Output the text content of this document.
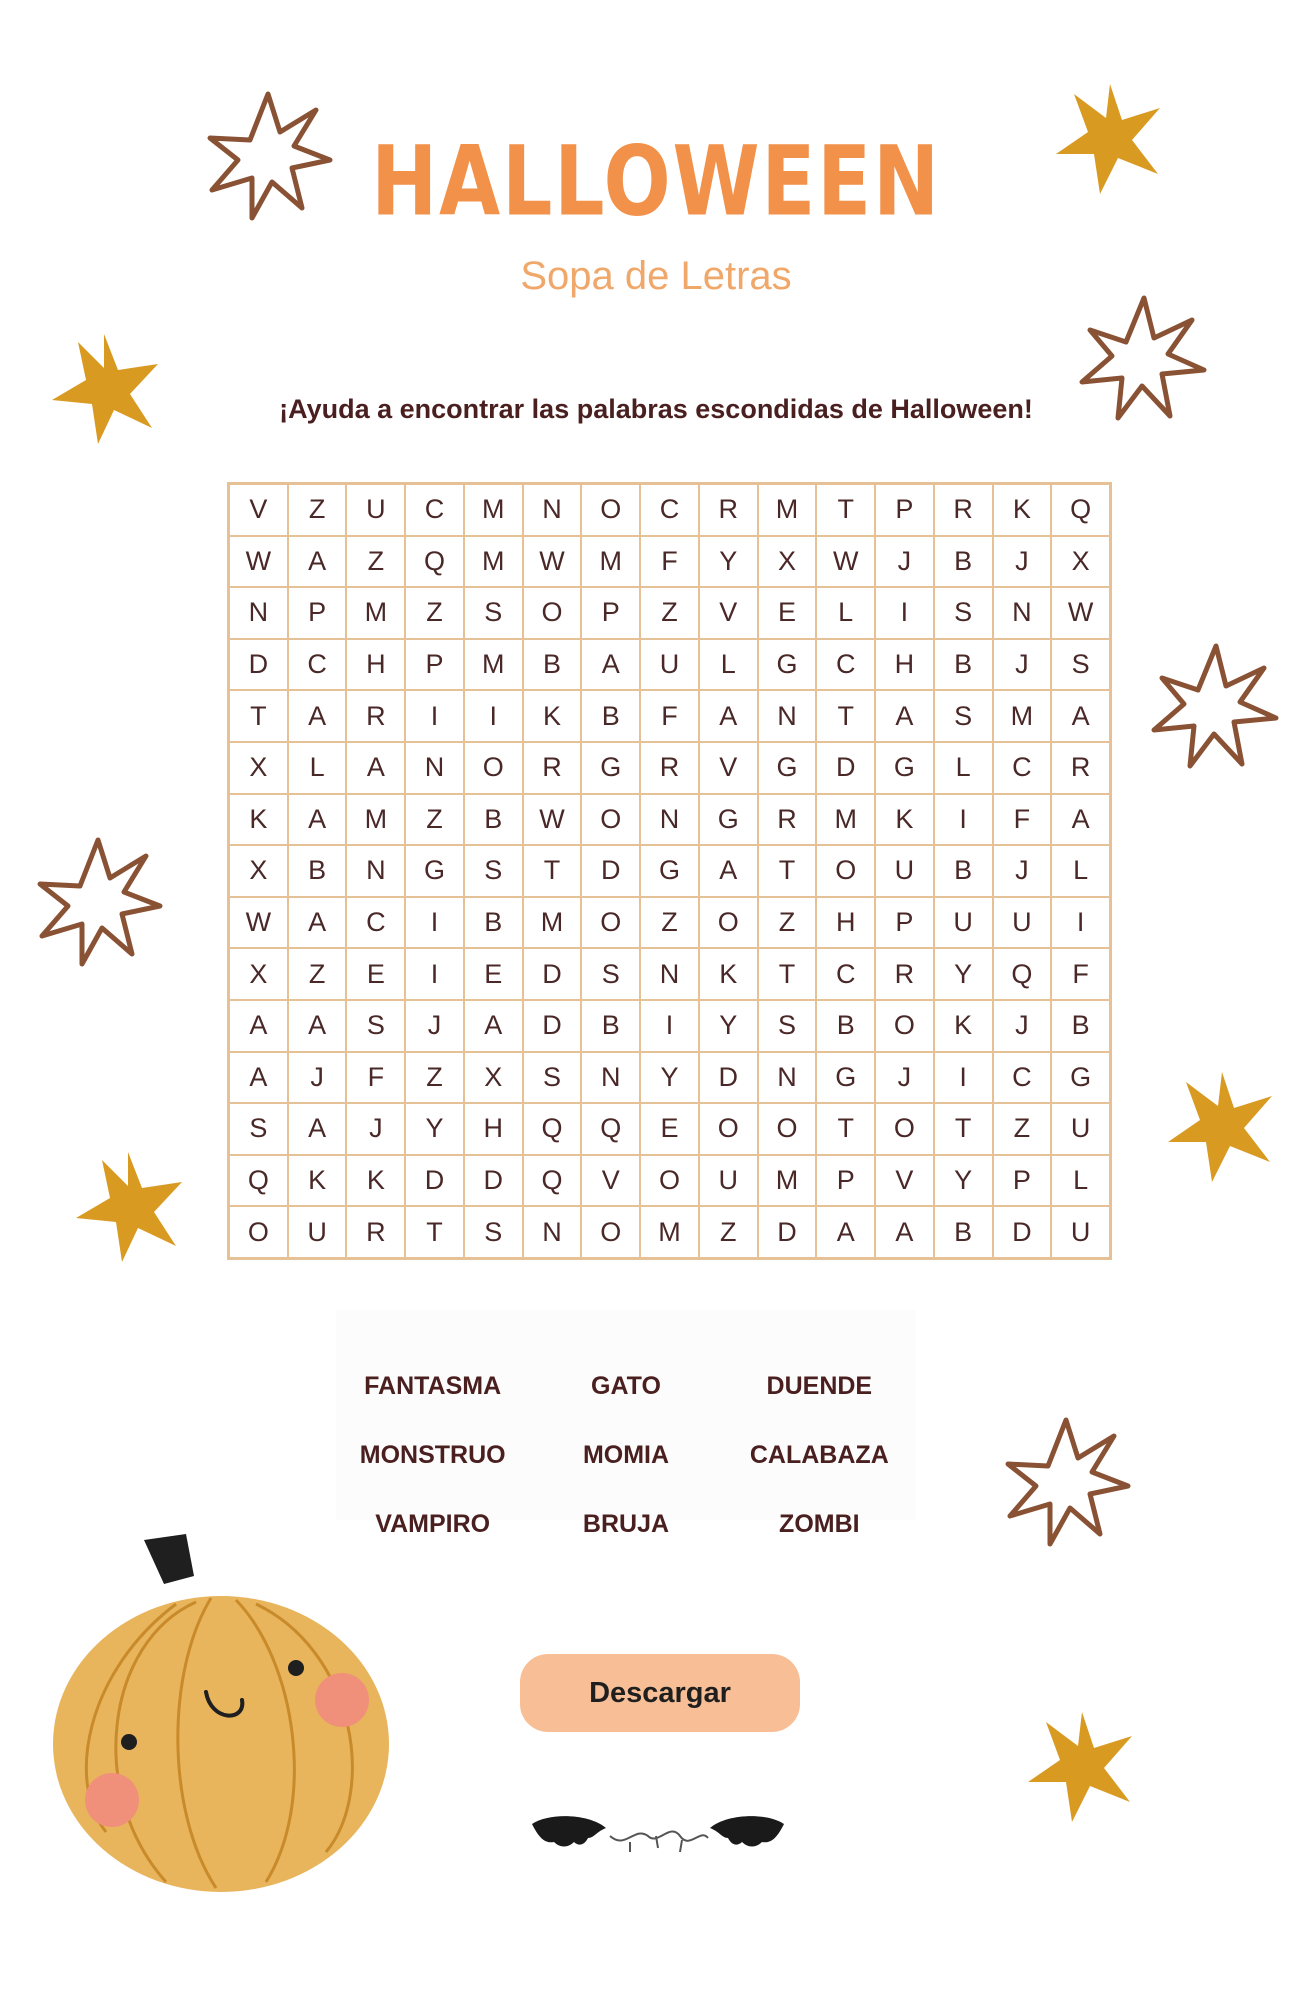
HALLOWEEN
Sopa de Letras
¡Ayuda a encontrar las palabras escondidas de Halloween!
V	Z	U	C	M	N	O	C	R	M	T	P	R	K	Q
W	A	Z	Q	M	W	M	F	Y	X	W	J	B	J	X
N	P	M	Z	S	O	P	Z	V	E	L	I	S	N	W
D	C	H	P	M	B	A	U	L	G	C	H	B	J	S
T	A	R	I	I	K	B	F	A	N	T	A	S	M	A
X	L	A	N	O	R	G	R	V	G	D	G	L	C	R
K	A	M	Z	B	W	O	N	G	R	M	K	I	F	A
X	B	N	G	S	T	D	G	A	T	O	U	B	J	L
W	A	C	I	B	M	O	Z	O	Z	H	P	U	U	I
X	Z	E	I	E	D	S	N	K	T	C	R	Y	Q	F
A	A	S	J	A	D	B	I	Y	S	B	O	K	J	B
A	J	F	Z	X	S	N	Y	D	N	G	J	I	C	G
S	A	J	Y	H	Q	Q	E	O	O	T	O	T	Z	U
Q	K	K	D	D	Q	V	O	U	M	P	V	Y	P	L
O	U	R	T	S	N	O	M	Z	D	A	A	B	D	U
FANTASMA	GATO	DUENDE
MONSTRUO	MOMIA	CALABAZA
VAMPIRO	BRUJA	ZOMBI
Descargar
